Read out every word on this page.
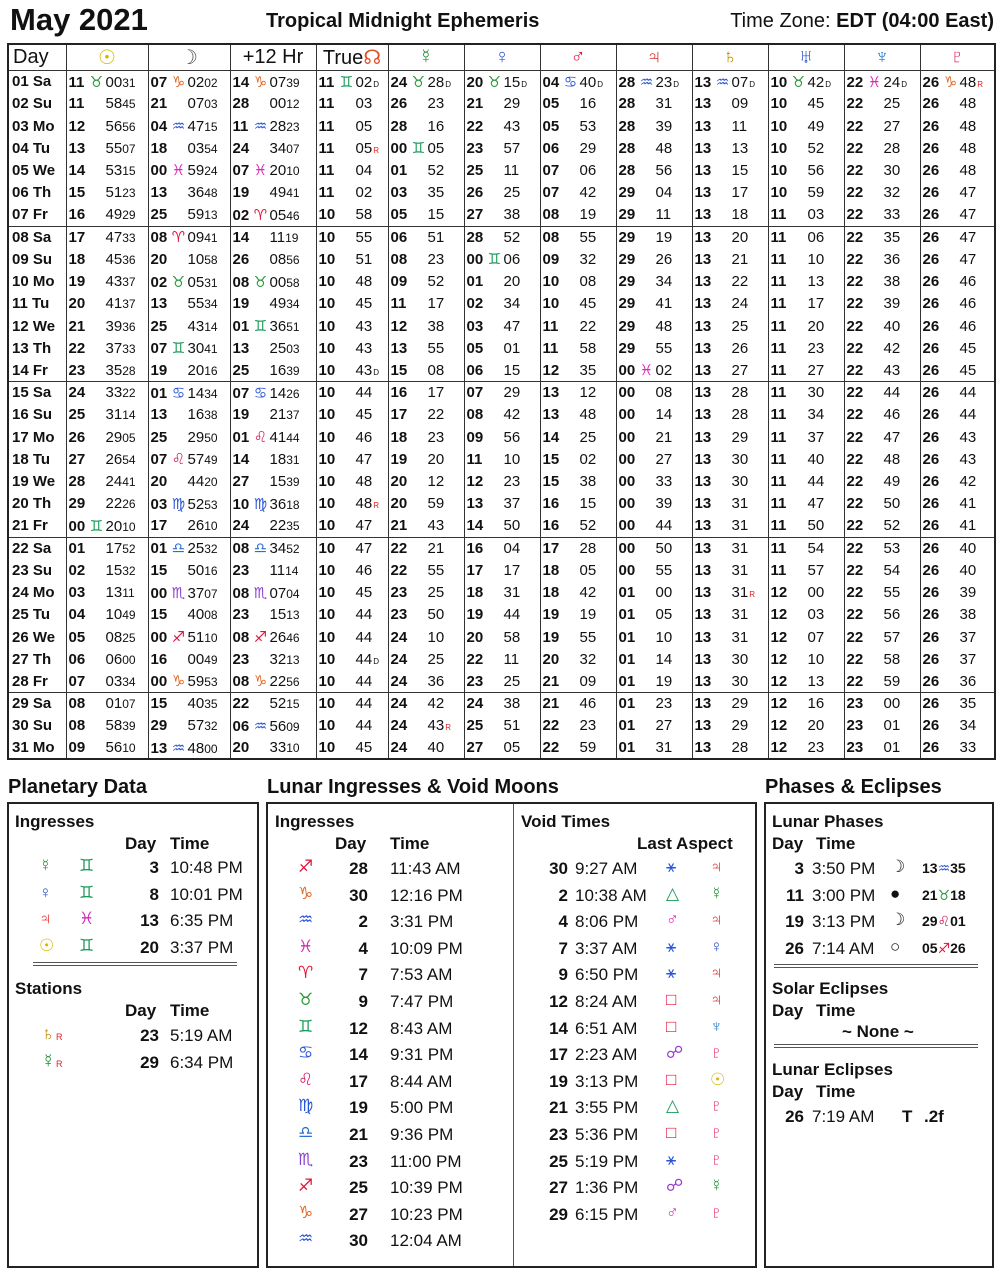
May 2021	Tropical Midnight Ephemeris	Time Zone: EDT (04:00 East)
Day	☉	☽	+12 Hr	True☊	☿	♀	♂	♃	♄	♅	♆	♇
01 Sa	11 ♉ 0031	07 ♑ 0202	14 ♑ 0739	11 ♊ 02D	24 ♉ 28D	20 ♉ 15D	04 ♋ 40D	28 ♒ 23D	13 ♒ 07D	10 ♉ 42D	22 ♓ 24D	26 ♑ 48R
02 Su	11 5845	21 0703	28 0012	11 03	26 23	21 29	05 16	28 31	13 09	10 45	22 25	26 48
03 Mo	12 5656	04 ♒ 4715	11 ♒ 2823	11 05	28 16	22 43	05 53	28 39	13 11	10 49	22 27	26 48
04 Tu	13 5507	18 0354	24 3407	11 05R	00 ♊ 05	23 57	06 29	28 48	13 13	10 52	22 28	26 48
05 We	14 5315	00 ♓ 5924	07 ♓ 2010	11 04	01 52	25 11	07 06	28 56	13 15	10 56	22 30	26 48
06 Th	15 5123	13 3648	19 4941	11 02	03 35	26 25	07 42	29 04	13 17	10 59	22 32	26 47
07 Fr	16 4929	25 5913	02 ♈ 0546	10 58	05 15	27 38	08 19	29 11	13 18	11 03	22 33	26 47
08 Sa	17 4733	08 ♈ 0941	14 1119	10 55	06 51	28 52	08 55	29 19	13 20	11 06	22 35	26 47
09 Su	18 4536	20 1058	26 0856	10 51	08 23	00 ♊ 06	09 32	29 26	13 21	11 10	22 36	26 47
10 Mo	19 4337	02 ♉ 0531	08 ♉ 0058	10 48	09 52	01 20	10 08	29 34	13 22	11 13	22 38	26 46
11 Tu	20 4137	13 5534	19 4934	10 45	11 17	02 34	10 45	29 41	13 24	11 17	22 39	26 46
12 We	21 3936	25 4314	01 ♊ 3651	10 43	12 38	03 47	11 22	29 48	13 25	11 20	22 40	26 46
13 Th	22 3733	07 ♊ 3041	13 2503	10 43	13 55	05 01	11 58	29 55	13 26	11 23	22 42	26 45
14 Fr	23 3528	19 2016	25 1639	10 43D	15 08	06 15	12 35	00 ♓ 02	13 27	11 27	22 43	26 45
15 Sa	24 3322	01 ♋ 1434	07 ♋ 1426	10 44	16 17	07 29	13 12	00 08	13 28	11 30	22 44	26 44
16 Su	25 3114	13 1638	19 2137	10 45	17 22	08 42	13 48	00 14	13 28	11 34	22 46	26 44
17 Mo	26 2905	25 2950	01 ♌ 4144	10 46	18 23	09 56	14 25	00 21	13 29	11 37	22 47	26 43
18 Tu	27 2654	07 ♌ 5749	14 1831	10 47	19 20	11 10	15 02	00 27	13 30	11 40	22 48	26 43
19 We	28 2441	20 4420	27 1539	10 48	20 12	12 23	15 38	00 33	13 30	11 44	22 49	26 42
20 Th	29 2226	03 ♍ 5253	10 ♍ 3618	10 48R	20 59	13 37	16 15	00 39	13 31	11 47	22 50	26 41
21 Fr	00 ♊ 2010	17 2610	24 2235	10 47	21 43	14 50	16 52	00 44	13 31	11 50	22 52	26 41
22 Sa	01 1752	01 ♎ 2532	08 ♎ 3452	10 47	22 21	16 04	17 28	00 50	13 31	11 54	22 53	26 40
23 Su	02 1532	15 5016	23 1114	10 46	22 55	17 17	18 05	00 55	13 31	11 57	22 54	26 40
24 Mo	03 1311	00 ♏ 3707	08 ♏ 0704	10 45	23 25	18 31	18 42	01 00	13 31R	12 00	22 55	26 39
25 Tu	04 1049	15 4008	23 1513	10 44	23 50	19 44	19 19	01 05	13 31	12 03	22 56	26 38
26 We	05 0825	00 ♐ 5110	08 ♐ 2646	10 44	24 10	20 58	19 55	01 10	13 31	12 07	22 57	26 37
27 Th	06 0600	16 0049	23 3213	10 44D	24 25	22 11	20 32	01 14	13 30	12 10	22 58	26 37
28 Fr	07 0334	00 ♑ 5953	08 ♑ 2256	10 44	24 36	23 25	21 09	01 19	13 30	12 13	22 59	26 36
29 Sa	08 0107	15 4035	22 5215	10 44	24 42	24 38	21 46	01 23	13 29	12 16	23 00	26 35
30 Su	08 5839	29 5732	06 ♒ 5609	10 44	24 43R	25 51	22 23	01 27	13 29	12 20	23 01	26 34
31 Mo	09 5610	13 ♒ 4800	20 3310	10 45	24 40	27 05	22 59	01 31	13 28	12 23	23 01	26 33
Planetary Data
Ingresses
Day Time
Stations
Day Time
☿ ♊	3 10:48 PM
♀ ♊	8 10:01 PM
♃ ♓	13 6:35 PM
☉ ♊	20 3:37 PM
♄ R	23 5:19 AM
☿ R	29 6:34 PM
Lunar Ingresses & Void Moons
Ingresses
Day Time
Void Times
Last Aspect
♐	28 11:43 AM
♑	30 12:16 PM
♒	2 3:31 PM
♓	4 10:09 PM
♈	7 7:53 AM
♉	9 7:47 PM
♊	12 8:43 AM
♋	14 9:31 PM
♌	17 8:44 AM
♍	19 5:00 PM
♎	21 9:36 PM
♏	23 11:00 PM
♐	25 10:39 PM
♑	27 10:23 PM
♒	30 12:04 AM
30 9:27 AM ⚹ ♃
2 10:38 AM △ ☿
4 8:06 PM ♂ ♃
7 3:37 AM ⚹ ♀
9 6:50 PM ⚹ ♃
12 8:24 AM □ ♃
14 6:51 AM □ ♆
17 2:23 AM ☍ ♇
19 3:13 PM □ ☉
21 3:55 PM △ ♇
23 5:36 PM □ ♇
25 5:19 PM ⚹ ♇
27 1:36 PM ☍ ☿
29 6:15 PM ♂ ♇
Phases & Eclipses
Lunar Phases
Day Time
Solar Eclipses
Day Time
~ None ~
Lunar Eclipses
Day Time
3 3:50 PM ☽ 13♒35
11 3:00 PM ● 21♉18
19 3:13 PM ☽ 29♌01
26 7:14 AM ○ 05♐26
26 7:19 AM T .2f
